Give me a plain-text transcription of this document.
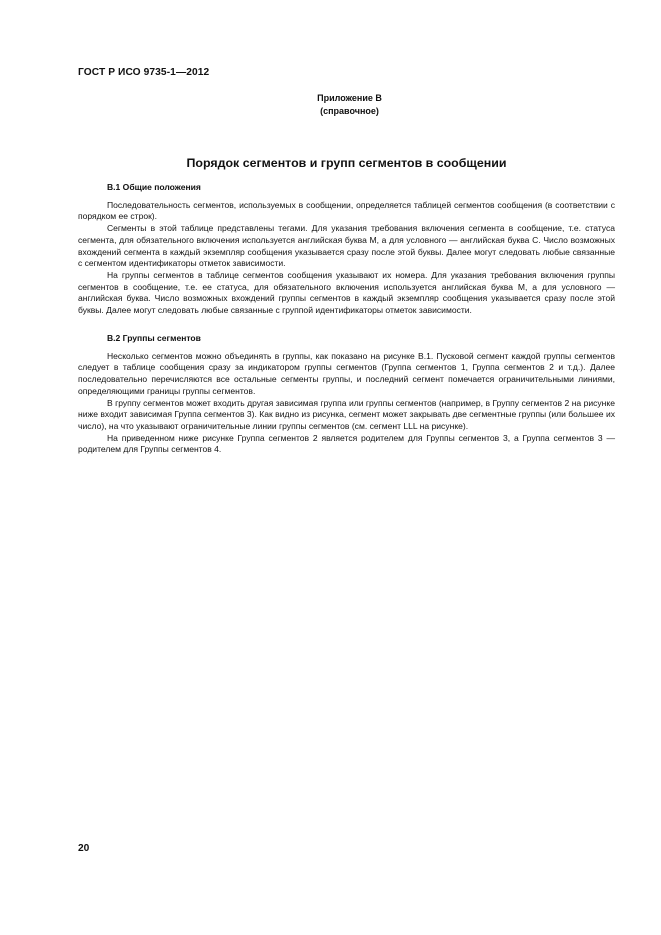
ГОСТ Р ИСО 9735-1—2012
Приложение В
(справочное)
Порядок сегментов и групп сегментов в сообщении
В.1 Общие положения

Последовательность сегментов, используемых в сообщении, определяется таблицей сегментов сообщения (в соответствии с порядком ее строк).

Сегменты в этой таблице представлены тегами. Для указания требования включения сегмента в сообщение, т.е. статуса сегмента, для обязательного включения используется английская буква М, а для условного — английская буква С. Число возможных вхождений сегмента в каждый экземпляр сообщения указывается сразу после этой буквы. Далее могут следовать любые связанные с сегментом идентификаторы отметок зависимости.

На группы сегментов в таблице сегментов сообщения указывают их номера. Для указания требования включения группы сегментов в сообщение, т.е. ее статуса, для обязательного включения используется английская буква М, а для условного — английская буква. Число возможных вхождений группы сегментов в каждый экземпляр сообщения указывается сразу после этой буквы. Далее могут следовать любые связанные с группой идентификаторы отметок зависимости.

В.2 Группы сегментов

Несколько сегментов можно объединять в группы, как показано на рисунке В.1. Пусковой сегмент каждой группы сегментов следует в таблице сообщения сразу за индикатором группы сегментов (Группа сегментов 1, Группа сегментов 2 и т.д.). Далее последовательно перечисляются все остальные сегменты группы, и последний сегмент помечается ограничительными линиями, определяющими границы группы сегментов.

В группу сегментов может входить другая зависимая группа или группы сегментов (например, в Группу сегментов 2 на рисунке ниже входит зависимая Группа сегментов 3). Как видно из рисунка, сегмент может закрывать две сегментные группы (или большее их число), на что указывают ограничительные линии группы сегментов (см. сегмент LLL на рисунке).

На приведенном ниже рисунке Группа сегментов 2 является родителем для Группы сегментов 3, а Группа сегментов 3 — родителем для Группы сегментов 4.

20
